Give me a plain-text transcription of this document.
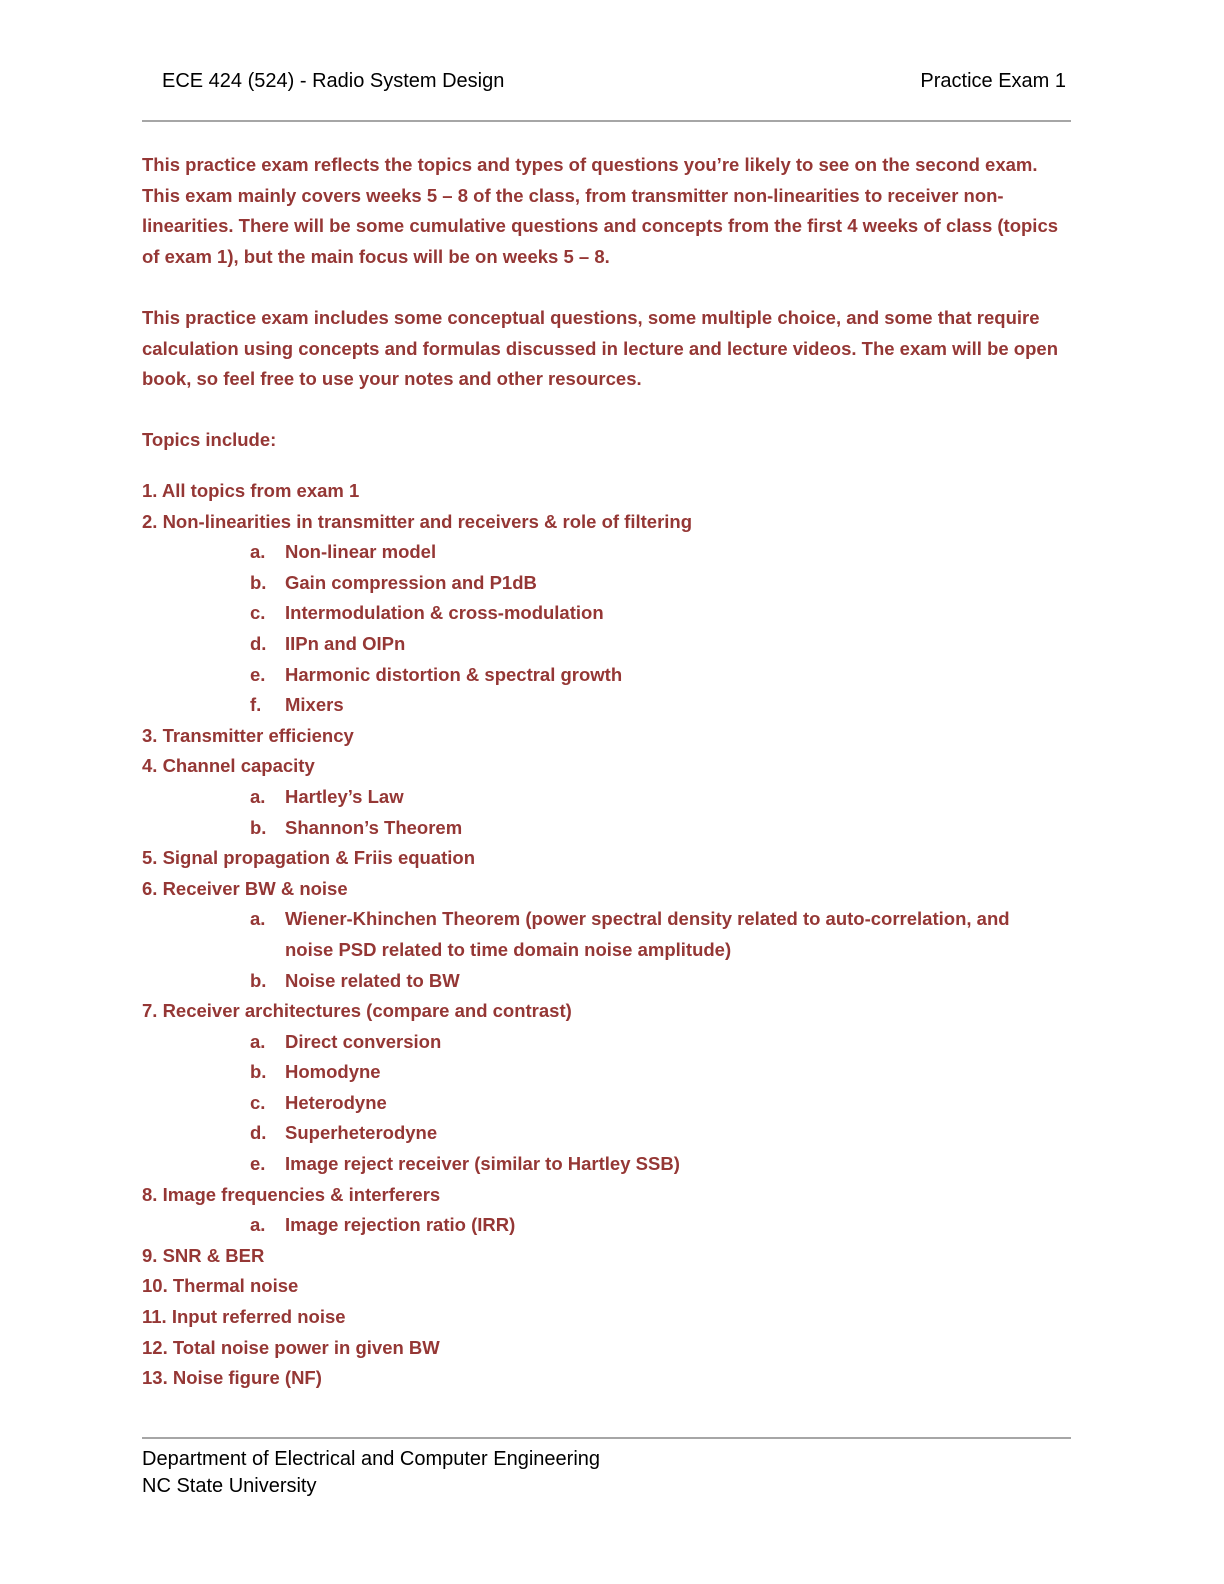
ECE 424 (524) - Radio System Design	Practice Exam 1

This practice exam reflects the topics and types of questions you’re likely to see on the second exam. This exam mainly covers weeks 5 – 8 of the class, from transmitter non-linearities to receiver non-linearities. There will be some cumulative questions and concepts from the first 4 weeks of class (topics of exam 1), but the main focus will be on weeks 5 – 8.

This practice exam includes some conceptual questions, some multiple choice, and some that require calculation using concepts and formulas discussed in lecture and lecture videos. The exam will be open book, so feel free to use your notes and other resources.

Topics include:

1. All topics from exam 1
2. Non-linearities in transmitter and receivers & role of filtering
a. Non-linear model
b. Gain compression and P1dB
c. Intermodulation & cross-modulation
d. IIPn and OIPn
e. Harmonic distortion & spectral growth
f. Mixers
3. Transmitter efficiency
4. Channel capacity
a. Hartley’s Law
b. Shannon’s Theorem
5. Signal propagation & Friis equation
6. Receiver BW & noise
a. Wiener-Khinchen Theorem (power spectral density related to auto-correlation, and noise PSD related to time domain noise amplitude)
b. Noise related to BW
7. Receiver architectures (compare and contrast)
a. Direct conversion
b. Homodyne
c. Heterodyne
d. Superheterodyne
e. Image reject receiver (similar to Hartley SSB)
8. Image frequencies & interferers
a. Image rejection ratio (IRR)
9. SNR & BER
10. Thermal noise
11. Input referred noise
12. Total noise power in given BW
13. Noise figure (NF)
Department of Electrical and Computer Engineering
NC State University
